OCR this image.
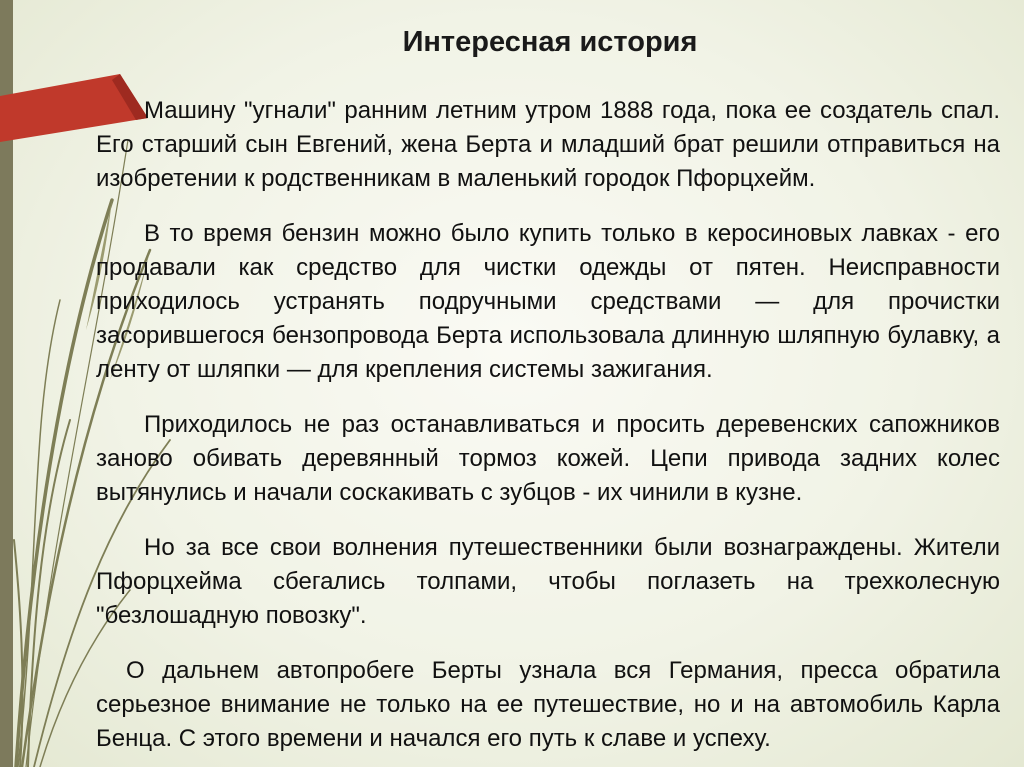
Интересная история

Машину "угнали" ранним летним утром 1888 года, пока ее создатель спал. Его старший сын Евгений, жена Берта и младший брат решили отправиться на изобретении к родственникам в маленький городок Пфорцхейм.

В то время бензин можно было купить только в керосиновых лавках - его продавали как средство для чистки одежды от пятен. Неисправности приходилось устранять подручными средствами — для прочистки засорившегося бензопровода Берта использовала длинную шляпную булавку, а ленту от шляпки — для крепления системы зажигания.

Приходилось не раз останавливаться и просить деревенских сапожников заново обивать деревянный тормоз кожей. Цепи привода задних колес вытянулись и начали соскакивать с зубцов - их чинили в кузне.

Но за все свои волнения путешественники были вознаграждены. Жители Пфорцхейма сбегались толпами, чтобы поглазеть на трехколесную "безлошадную повозку".

О дальнем автопробеге Берты узнала вся Германия, пресса обратила серьезное внимание не только на ее путешествие, но и на автомобиль Карла Бенца. С этого времени и начался его путь к славе и успеху.
